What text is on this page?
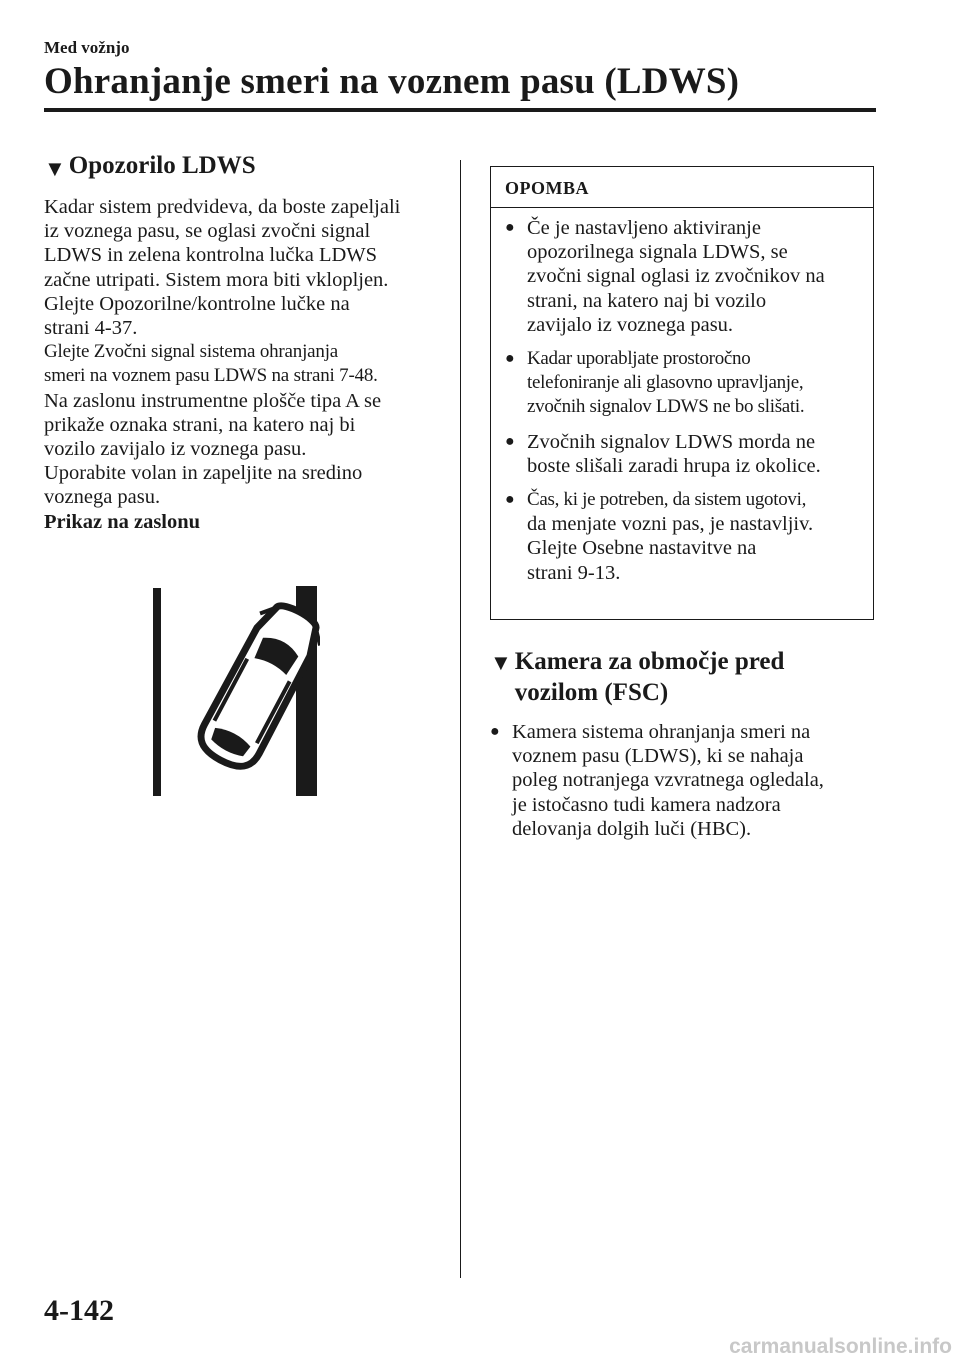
Med vožnjo
Ohranjanje smeri na voznem pasu (LDWS)
▼ Opozorilo LDWS

Kadar sistem predvideva, da boste zapeljali

iz voznega pasu, se oglasi zvočni signal

LDWS in zelena kontrolna lučka LDWS

začne utripati. Sistem mora biti vklopljen.

Glejte Opozorilne/kontrolne lučke na

strani 4-37.

Glejte Zvočni signal sistema ohranjanja

smeri na voznem pasu LDWS na strani 7-48.

Na zaslonu instrumentne plošče tipa A se

prikaže oznaka strani, na katero naj bi

vozilo zavijalo iz voznega pasu.

Uporabite volan in zapeljite na sredino

voznega pasu.

Prikaz na zaslonu

OPOMBA
● Če je nastavljeno aktiviranje
opozorilnega signala LDWS, se
zvočni signal oglasi iz zvočnikov na
strani, na katero naj bi vozilo
zavijalo iz voznega pasu.
● Kadar uporabljate prostoročno
telefoniranje ali glasovno upravljanje,
zvočnih signalov LDWS ne bo slišati.
● Zvočnih signalov LDWS morda ne
boste slišali zaradi hrupa iz okolice.
● Čas, ki je potreben, da sistem ugotovi,
da menjate vozni pas, je nastavljiv.
Glejte Osebne nastavitve na
strani 9-13.
▼ Kamera za območje pred
vozilom (FSC)
● Kamera sistema ohranjanja smeri na
voznem pasu (LDWS), ki se nahaja
poleg notranjega vzvratnega ogledala,
je istočasno tudi kamera nadzora
delovanja dolgih luči (HBC).
4-142
carmanualsonline.info
